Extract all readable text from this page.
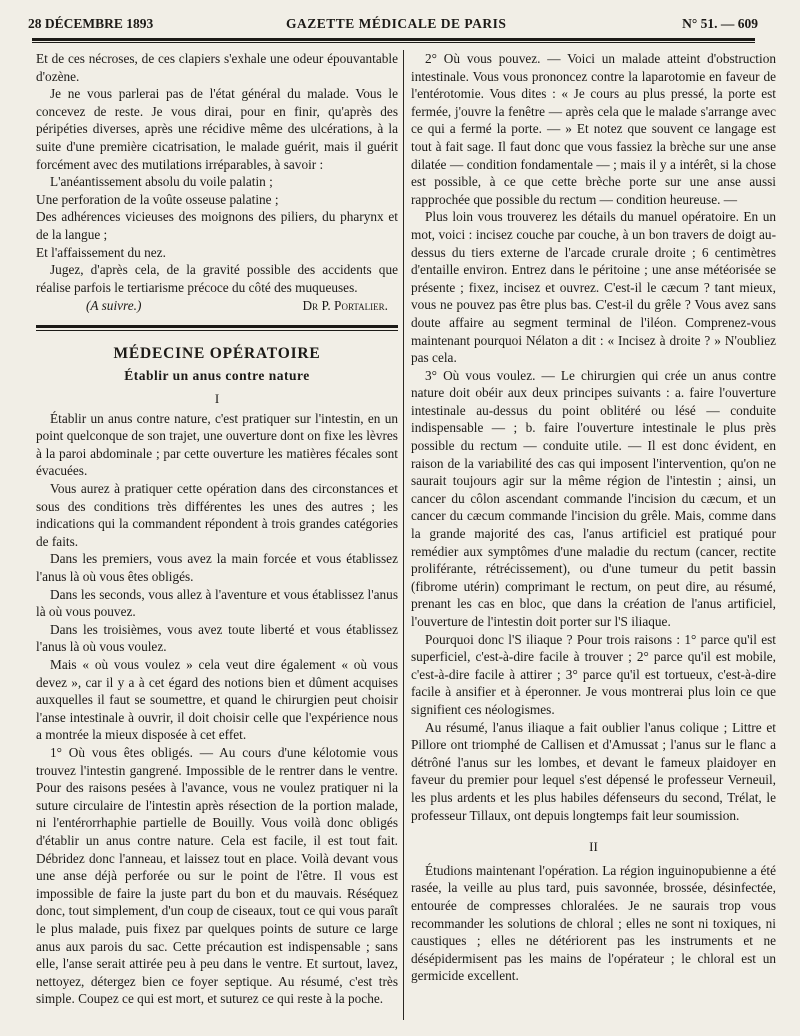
28 DÉCEMBRE 1893	GAZETTE MÉDICALE DE PARIS	N° 51. — 609

Et de ces nécroses, de ces clapiers s'exhale une odeur épouvantable d'ozène.

Je ne vous parlerai pas de l'état général du malade. Vous le concevez de reste. Je vous dirai, pour en finir, qu'après des péripéties diverses, après une récidive même des ulcérations, à la suite d'une première cicatrisation, le malade guérit, mais il guérit forcément avec des mutilations irréparables, à savoir :

L'anéantissement absolu du voile palatin ;

Une perforation de la voûte osseuse palatine ;

Des adhérences vicieuses des moignons des piliers, du pharynx et de la langue ;

Et l'affaissement du nez.

Jugez, d'après cela, de la gravité possible des accidents que réalise parfois le tertiarisme précoce du côté des muqueuses.

(A suivre.)	Dr P. Portalier.
MÉDECINE OPÉRATOIRE
Établir un anus contre nature
I

Établir un anus contre nature, c'est pratiquer sur l'intestin, en un point quelconque de son trajet, une ouverture dont on fixe les lèvres à la paroi abdominale ; par cette ouverture les matières fécales sont évacuées.

Vous aurez à pratiquer cette opération dans des circonstances et sous des conditions très différentes les unes des autres ; les indications qui la commandent répondent à trois grandes catégories de faits.

Dans les premiers, vous avez la main forcée et vous établissez l'anus là où vous êtes obligés.

Dans les seconds, vous allez à l'aventure et vous établissez l'anus là où vous pouvez.

Dans les troisièmes, vous avez toute liberté et vous établissez l'anus là où vous voulez.

Mais « où vous voulez » cela veut dire également « où vous devez », car il y a à cet égard des notions bien et dûment acquises auxquelles il faut se soumettre, et quand le chirurgien peut choisir l'anse intestinale à ouvrir, il doit choisir celle que l'expérience nous a montrée la mieux disposée à cet effet.

1° Où vous êtes obligés. — Au cours d'une kélotomie vous trouvez l'intestin gangrené. Impossible de le rentrer dans le ventre. Pour des raisons pesées à l'avance, vous ne voulez pratiquer ni la suture circulaire de l'intestin après résection de la portion malade, ni l'entérorrhaphie partielle de Bouilly. Vous voilà donc obligés d'établir un anus contre nature. Cela est facile, il est tout fait. Débridez donc l'anneau, et laissez tout en place. Voilà devant vous une anse déjà perforée ou sur le point de l'être. Il vous est impossible de faire la juste part du bon et du mauvais. Réséquez donc, tout simplement, d'un coup de ciseaux, tout ce qui vous paraît le plus malade, puis fixez par quelques points de suture ce large anus aux parois du sac. Cette précaution est indispensable ; sans elle, l'anse serait attirée peu à peu dans le ventre. Et surtout, lavez, nettoyez, détergez bien ce foyer septique. Au résumé, c'est très simple. Coupez ce qui est mort, et suturez ce qui reste à la poche.

2° Où vous pouvez. — Voici un malade atteint d'obstruction intestinale. Vous vous prononcez contre la laparotomie en faveur de l'entérotomie. Vous dites : « Je cours au plus pressé, la porte est fermée, j'ouvre la fenêtre — après cela que le malade s'arrange avec ce qui a fermé la porte. — » Et notez que souvent ce langage est tout à fait sage. Il faut donc que vous fassiez la brèche sur une anse dilatée — condition fondamentale — ; mais il y a intérêt, si la chose est possible, à ce que cette brèche porte sur une anse aussi rapprochée que possible du rectum — condition heureuse. —

Plus loin vous trouverez les détails du manuel opératoire. En un mot, voici : incisez couche par couche, à un bon travers de doigt au-dessus du tiers externe de l'arcade crurale droite ; 6 centimètres d'entaille environ. Entrez dans le péritoine ; une anse météorisée se présente ; fixez, incisez et ouvrez. C'est-il le cæcum ? tant mieux, vous ne pouvez pas être plus bas. C'est-il du grêle ? Vous avez sans doute affaire au segment terminal de l'iléon. Comprenez-vous maintenant pourquoi Nélaton a dit : « Incisez à droite ? » N'oubliez pas cela.

3° Où vous voulez. — Le chirurgien qui crée un anus contre nature doit obéir aux deux principes suivants : a. faire l'ouverture intestinale au-dessus du point oblitéré ou lésé — conduite indispensable — ; b. faire l'ouverture intestinale le plus près possible du rectum — conduite utile. — Il est donc évident, en raison de la variabilité des cas qui imposent l'intervention, qu'on ne saurait toujours agir sur la même région de l'intestin ; ainsi, un cancer du côlon ascendant commande l'incision du cæcum, et un cancer du cæcum commande l'incision du grêle. Mais, comme dans la grande majorité des cas, l'anus artificiel est pratiqué pour remédier aux symptômes d'une maladie du rectum (cancer, rectite proliférante, rétrécissement), ou d'une tumeur du petit bassin (fibrome utérin) comprimant le rectum, on peut dire, au résumé, prenant les cas en bloc, que dans la création de l'anus artificiel, l'ouverture de l'intestin doit porter sur l'S iliaque.

Pourquoi donc l'S iliaque ? Pour trois raisons : 1° parce qu'il est superficiel, c'est-à-dire facile à trouver ; 2° parce qu'il est mobile, c'est-à-dire facile à attirer ; 3° parce qu'il est tortueux, c'est-à-dire facile à ansifier et à éperonner. Je vous montrerai plus loin ce que signifient ces néologismes.

Au résumé, l'anus iliaque a fait oublier l'anus colique ; Littre et Pillore ont triomphé de Callisen et d'Amussat ; l'anus sur le flanc a détrôné l'anus sur les lombes, et devant le fameux plaidoyer en faveur du premier pour lequel s'est dépensé le professeur Verneuil, les plus ardents et les plus habiles défenseurs du second, Trélat, le professeur Tillaux, ont depuis longtemps fait leur soumission.

II

Étudions maintenant l'opération. La région inguinopubienne a été rasée, la veille au plus tard, puis savonnée, brossée, désinfectée, entourée de compresses chloralées. Je ne saurais trop vous recommander les solutions de chloral ; elles ne sont ni toxiques, ni caustiques ; elles ne détériorent pas les instruments et ne désépidermisent pas les mains de l'opérateur ; le chloral est un germicide excellent.
